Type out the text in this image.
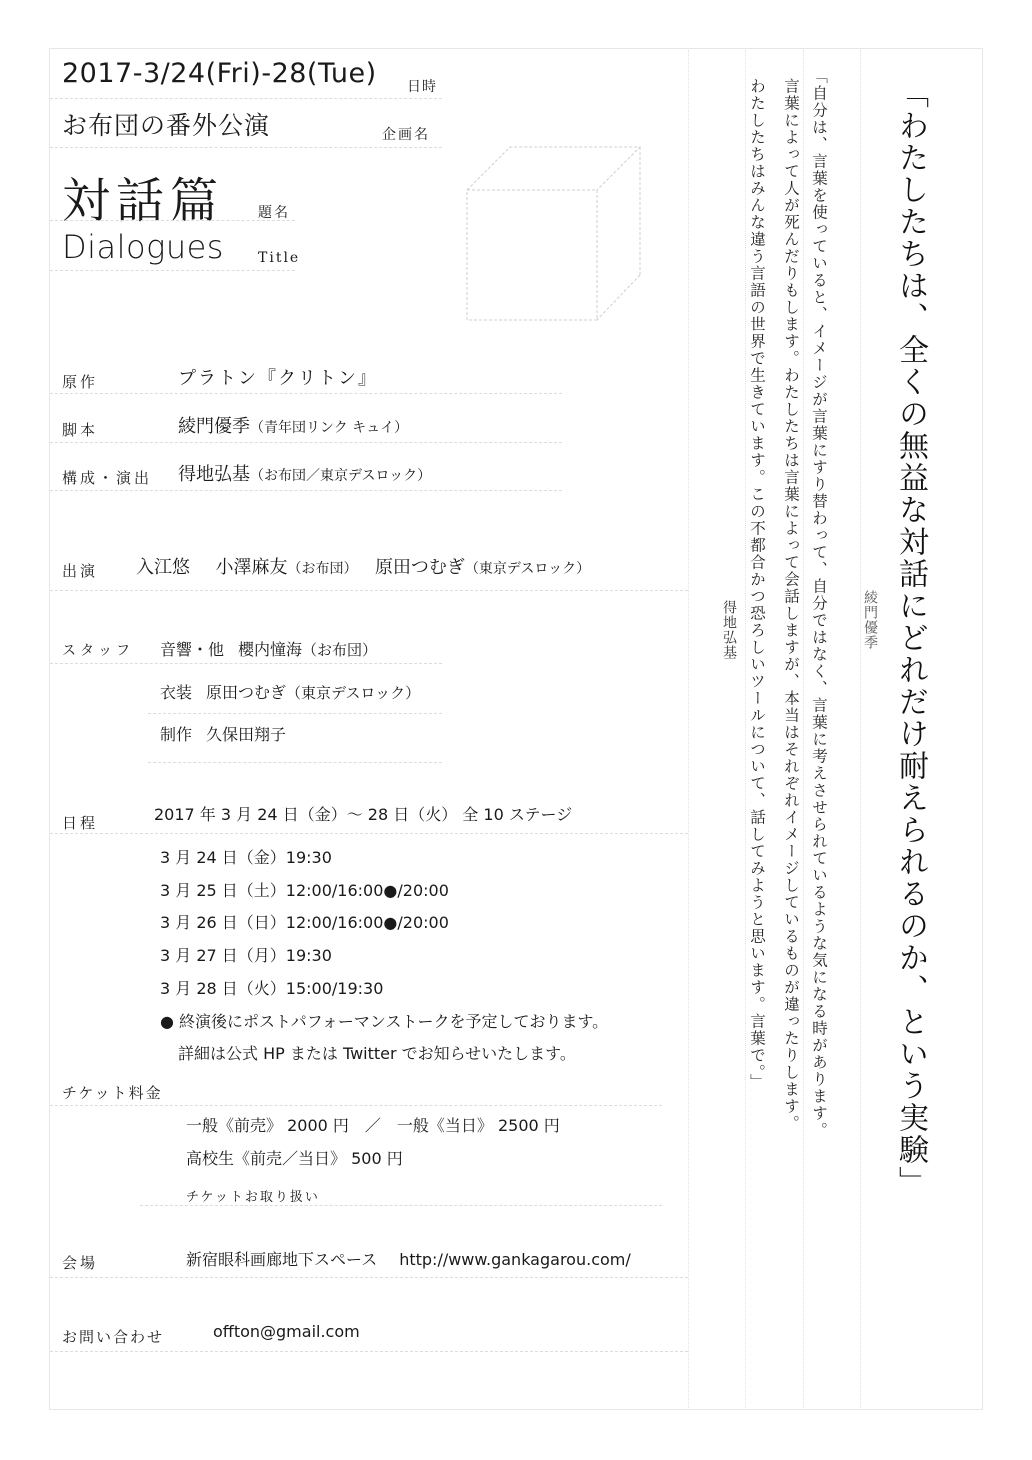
2017-3/24(Fri)-28(Tue) 日時
お布団の番外公演	企画名
対話篇 題名
Dialogues Title
原作	プラトン『クリトン』
脚本	綾門優季（青年団リンク キュイ）
構成・演出 得地弘基（お布団／東京デスロック）
出演 入江悠 小澤麻友（お布団） 原田つむぎ（東京デスロック）
スタッフ 音響・他 櫻内憧海（お布団）
衣装 原田つむぎ（東京デスロック）
制作 久保田翔子
日程	2017 年 3 月 24 日（金）～ 28 日（火） 全 10 ステージ
3 月 24 日（金）19:30
3 月 25 日（土）12:00/16:00●/20:00
3 月 26 日（日）12:00/16:00●/20:00
3 月 27 日（月）19:30
3 月 28 日（火）15:00/19:30
● 終演後にポストパフォーマンストークを予定しております。
詳細は公式 HP または Twitter でお知らせいたします。
チケット料金
一般《前売》 2000 円　／　一般《当日》 2500 円
高校生《前売／当日》 500 円
チケットお取り扱い
会場	新宿眼科画廊地下スペース http://www.gankagarou.com/
お問い合わせ	offton@gmail.com
「わたしたちは、全くの無益な対話にどれだけ耐えられるのか、という実験」
綾門優季
「自分は、言葉を使っていると、イメージが言葉にすり替わって、自分ではなく、言葉に考えさせられているような気になる時があります。
言葉によって人が死んだりもします。わたしたちは言葉によって会話しますが、本当はそれぞれイメージしているものが違ったりします。
わたしたちはみんな違う言語の世界で生きています。この不都合かつ恐ろしいツールについて、話してみようと思います。言葉で。」
得地弘基
